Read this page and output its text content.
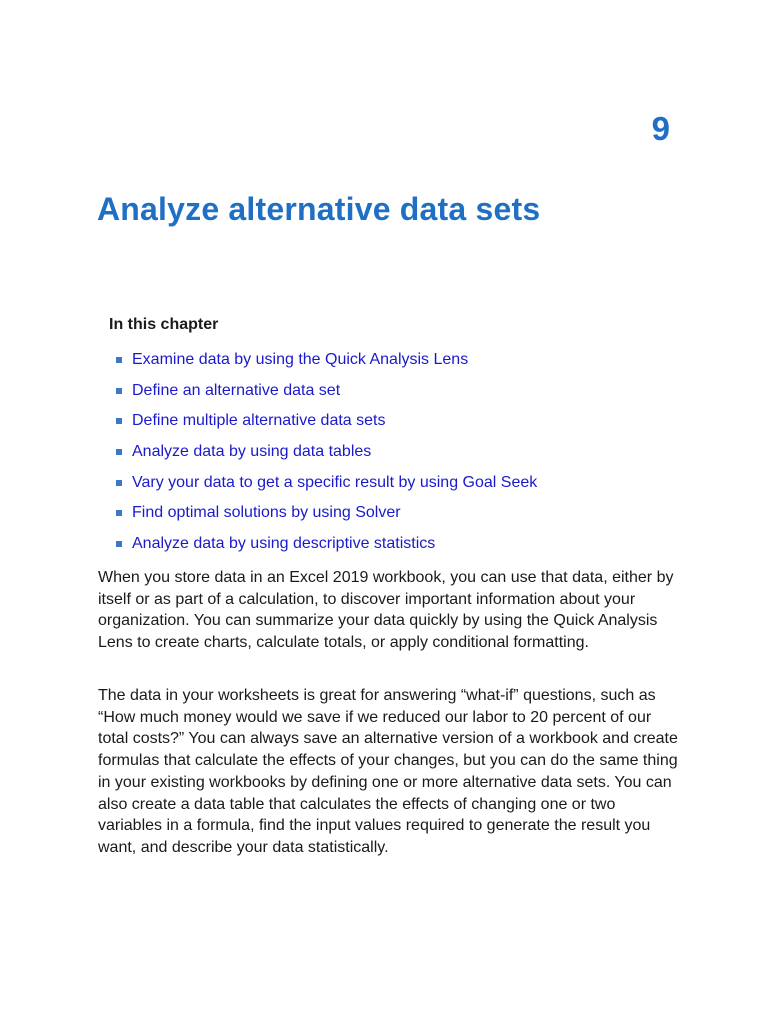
9
Analyze alternative data sets
In this chapter
Examine data by using the Quick Analysis Lens
Define an alternative data set
Define multiple alternative data sets
Analyze data by using data tables
Vary your data to get a specific result by using Goal Seek
Find optimal solutions by using Solver
Analyze data by using descriptive statistics

When you store data in an Excel 2019 workbook, you can use that data, either by itself or as part of a calculation, to discover important information about your organization. You can summarize your data quickly by using the Quick Analysis Lens to create charts, calculate totals, or apply conditional formatting.

The data in your worksheets is great for answering “what-if” questions, such as “How much money would we save if we reduced our labor to 20 percent of our total costs?” You can always save an alternative version of a workbook and create formulas that calculate the effects of your changes, but you can do the same thing in your existing workbooks by defining one or more alternative data sets. You can also create a data table that calculates the effects of changing one or two variables in a formula, find the input values required to generate the result you want, and describe your data statistically.
